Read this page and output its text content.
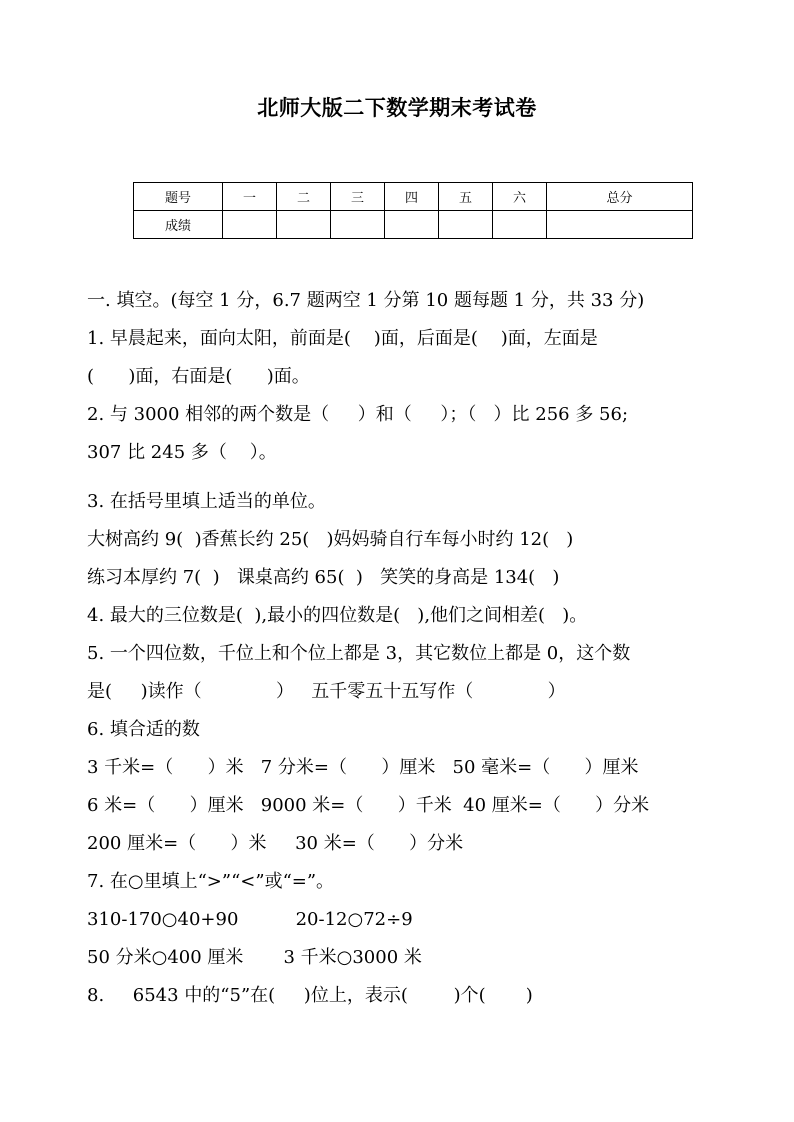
北师大版二下数学期末考试卷
题号	一	二	三	四	五	六	总分
成绩							
一. 填空。(每空 1 分，6.7 题两空 1 分第 10 题每题 1 分，共 33 分)
1. 早晨起来，面向太阳，前面是(    )面，后面是(    )面，左面是
(      )面，右面是(      )面。
2. 与 3000 相邻的两个数是（     ）和（     ）；（   ）比 256 多 56;
307 比 245 多（    ）。
3. 在括号里填上适当的单位。
大树高约 9(  )香蕉长约 25(   )妈妈骑自行车每小时约 12(   )
练习本厚约 7(  )   课桌高约 65(  )   笑笑的身高是 134(   )
4. 最大的三位数是(  ),最小的四位数是(   ),他们之间相差(   )。
5. 一个四位数，千位上和个位上都是 3，其它数位上都是 0，这个数
是(     )读作（             ）   五千零五十五写作（             ）
6. 填合适的数
3 千米=（      ）米   7 分米=（      ）厘米   50 毫米=（      ）厘米
6 米=（      ）厘米   9000 米=（      ）千米  40 厘米=（      ）分米
200 厘米=（      ）米     30 米=（      ）分米
7. 在○里填上“>”“<”或“=”。
310-170○40+90          20-12○72÷9
50 分米○400 厘米       3 千米○3000 米
8.     6543 中的“5”在(     )位上，表示(        )个(       )
